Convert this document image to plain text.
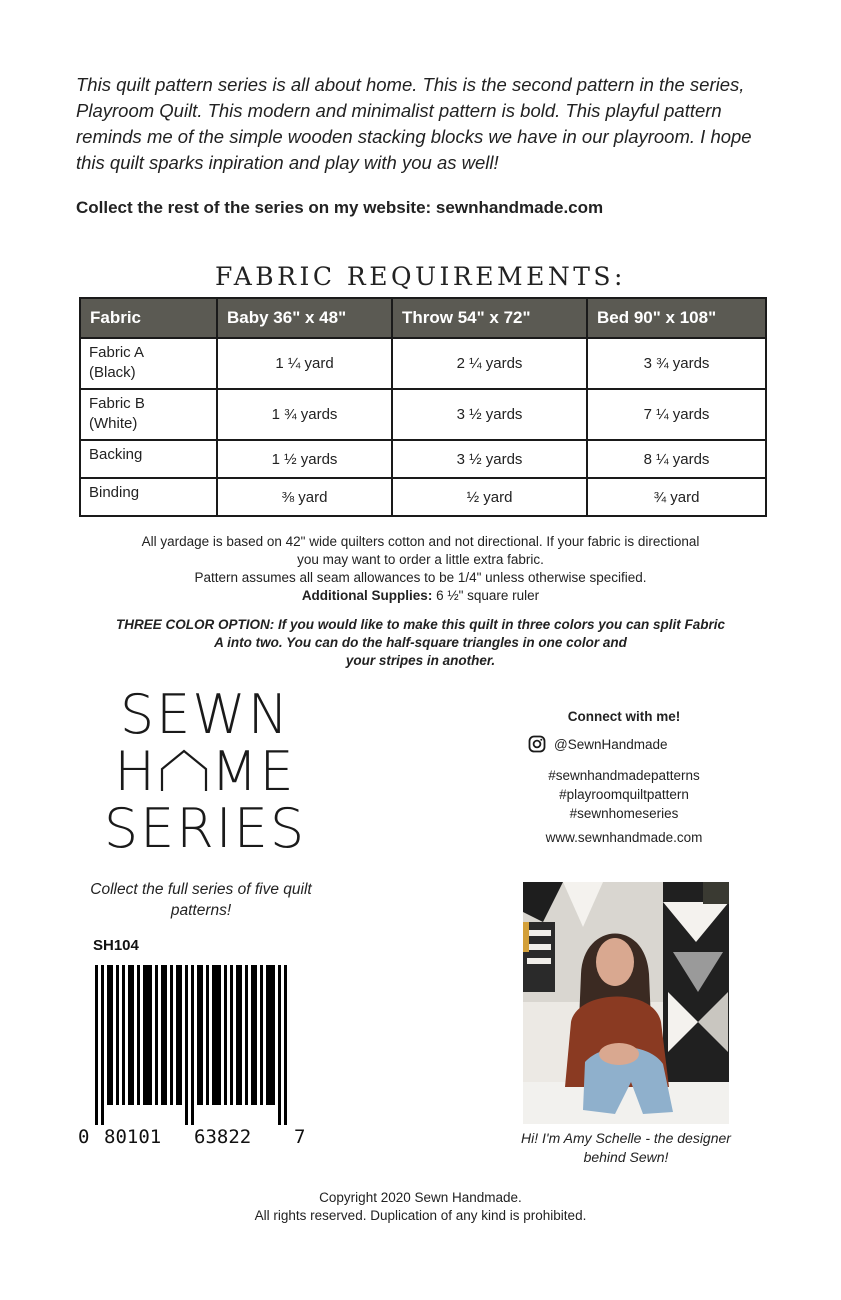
This quilt pattern series is all about home. This is the second pattern in the series, Playroom Quilt. This modern and minimalist pattern is bold. This playful pattern reminds me of the simple wooden stacking blocks we have in our playroom. I hope this quilt sparks inpiration and play with you as well!
Collect the rest of the series on my website: sewnhandmade.com
FABRIC REQUIREMENTS:
Fabric	Baby 36" x 48"	Throw 54" x 72"	Bed 90" x 108"
Fabric A
(Black)	1 ¼ yard	2 ¼ yards	3 ¾ yards
Fabric B
(White)	1 ¾ yards	3 ½ yards	7 ¼ yards
Backing	1 ½ yards	3 ½ yards	8 ¼ yards
Binding	⅜ yard	½ yard	¾ yard
All yardage is based on 42" wide quilters cotton and not directional. If your fabric is directional
you may want to order a little extra fabric.
Pattern assumes all seam allowances to be 1/4" unless otherwise specified.
Additional Supplies: 6 ½" square ruler
THREE COLOR OPTION: If you would like to make this quilt in three colors you can split Fabric
A into two. You can do the half-square triangles in one color and
your stripes in another.
SEWN
H ME
SERIES
Collect the full series of five quilt patterns!
SH104
0 80101 63822 7
Connect with me!
@SewnHandmade
#sewnhandmadepatterns
#playroomquiltpattern
#sewnhomeseries
www.sewnhandmade.com
Hi! I'm Amy Schelle - the designer behind Sewn!
Copyright 2020 Sewn Handmade.
All rights reserved. Duplication of any kind is prohibited.
